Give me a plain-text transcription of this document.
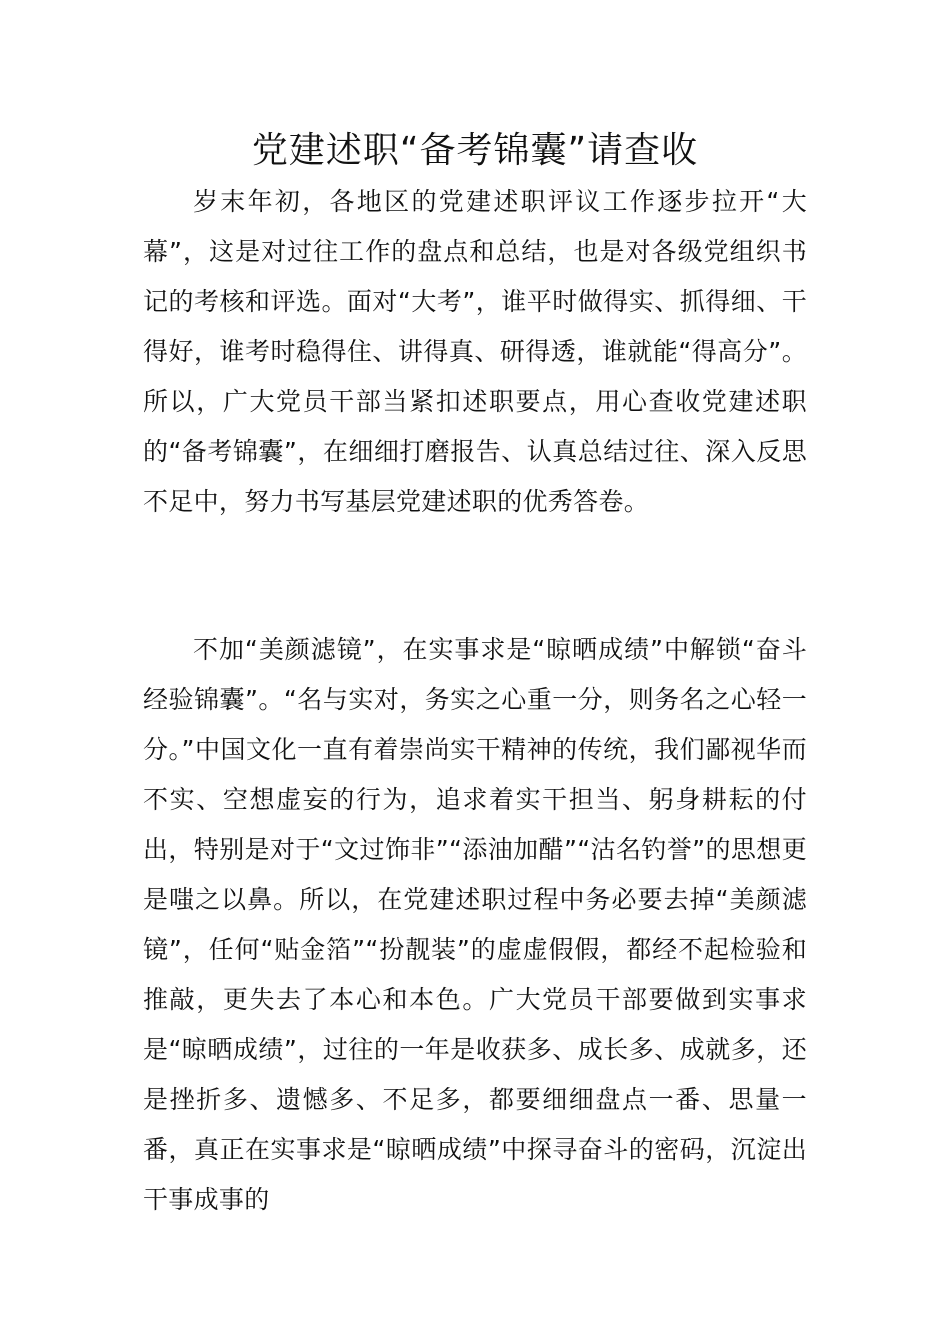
党建述职“备考锦囊”请查收

岁末年初，各地区的党建述职评议工作逐步拉开“大幕”，这是对过往工作的盘点和总结，也是对各级党组织书记的考核和评选。面对“大考”，谁平时做得实、抓得细、干得好，谁考时稳得住、讲得真、研得透，谁就能“得高分”。所以，广大党员干部当紧扣述职要点，用心查收党建述职的“备考锦囊”，在细细打磨报告、认真总结过往、深入反思不足中，努力书写基层党建述职的优秀答卷。

不加“美颜滤镜”，在实事求是“晾晒成绩”中解锁“奋斗经验锦囊”。“名与实对，务实之心重一分，则务名之心轻一分。”中国文化一直有着崇尚实干精神的传统，我们鄙视华而不实、空想虚妄的行为，追求着实干担当、躬身耕耘的付出，特别是对于“文过饰非”“添油加醋”“沽名钓誉”的思想更是嗤之以鼻。所以，在党建述职过程中务必要去掉“美颜滤镜”，任何“贴金箔”“扮靓装”的虚虚假假，都经不起检验和推敲，更失去了本心和本色。广大党员干部要做到实事求是“晾晒成绩”，过往的一年是收获多、成长多、成就多，还是挫折多、遗憾多、不足多，都要细细盘点一番、思量一番，真正在实事求是“晾晒成绩”中探寻奋斗的密码，沉淀出干事成事的
